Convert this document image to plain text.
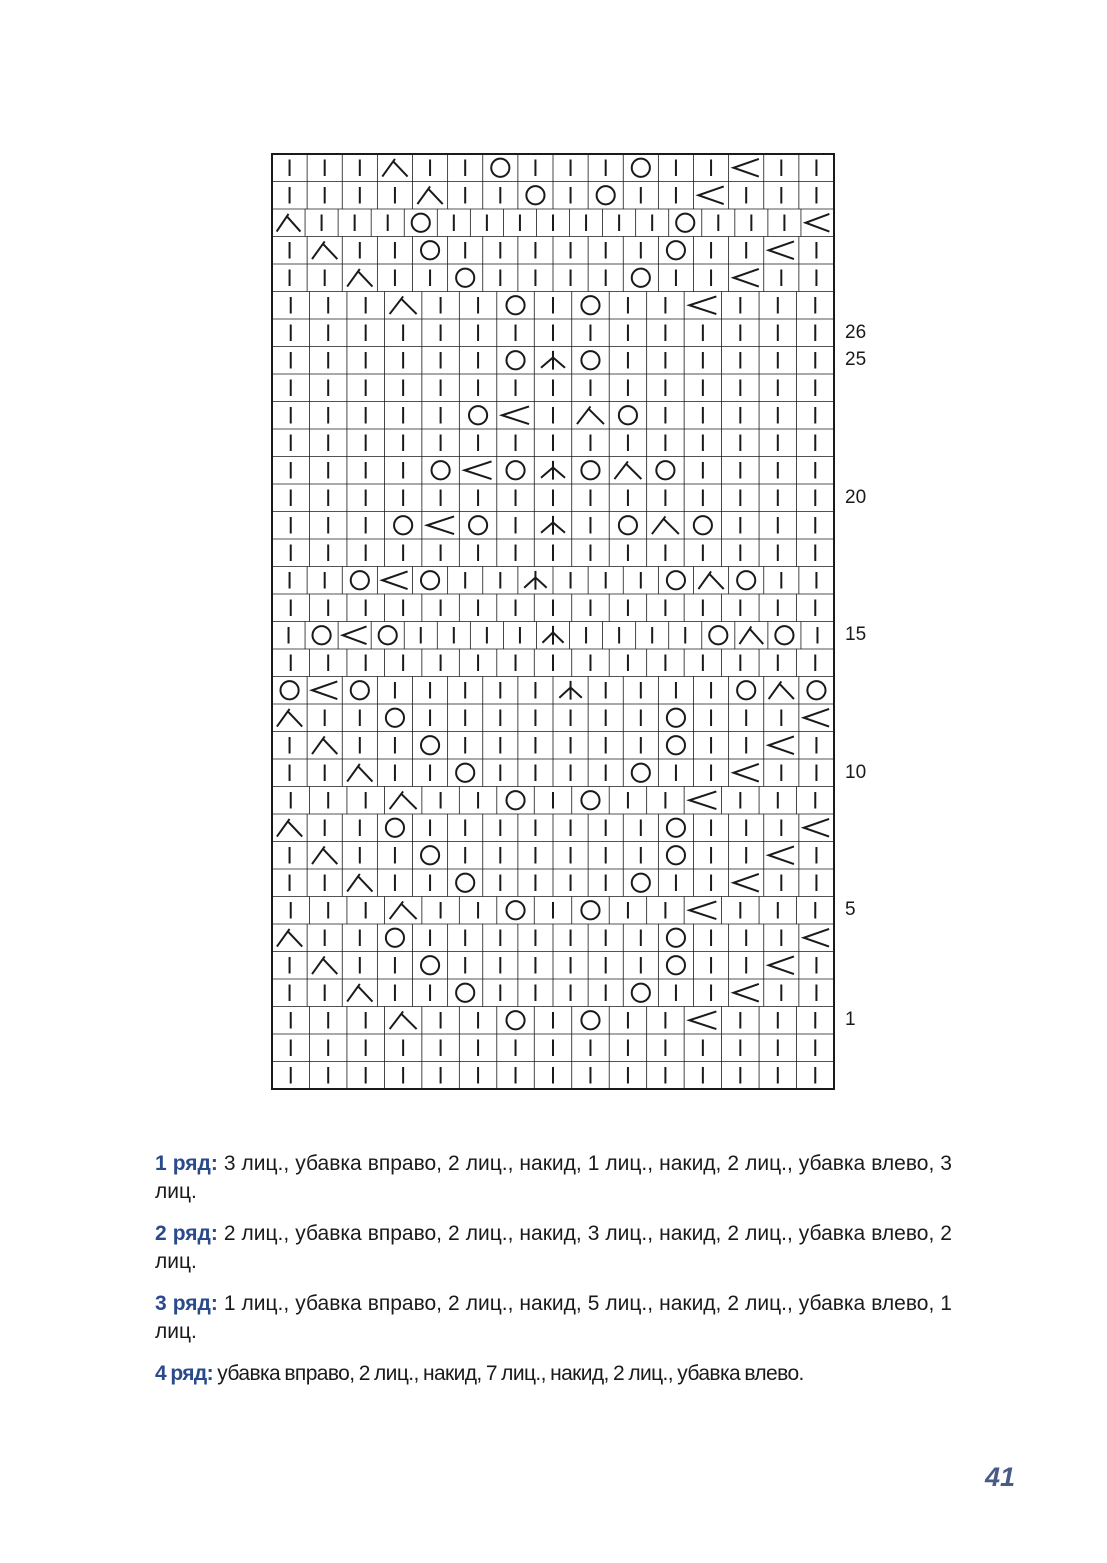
26
25
20
15
10
5
1

1 ряд: 3 лиц., убавка вправо, 2 лиц., накид, 1 лиц., накид, 2 лиц., убавка влево, 3 лиц.

2 ряд: 2 лиц., убавка вправо, 2 лиц., накид, 3 лиц., накид, 2 лиц., убавка влево, 2 лиц.

3 ряд: 1 лиц., убавка вправо, 2 лиц., накид, 5 лиц., накид, 2 лиц., убавка влево, 1 лиц.

4 ряд: убавка вправо, 2 лиц., накид, 7 лиц., накид, 2 лиц., убавка влево.

41
